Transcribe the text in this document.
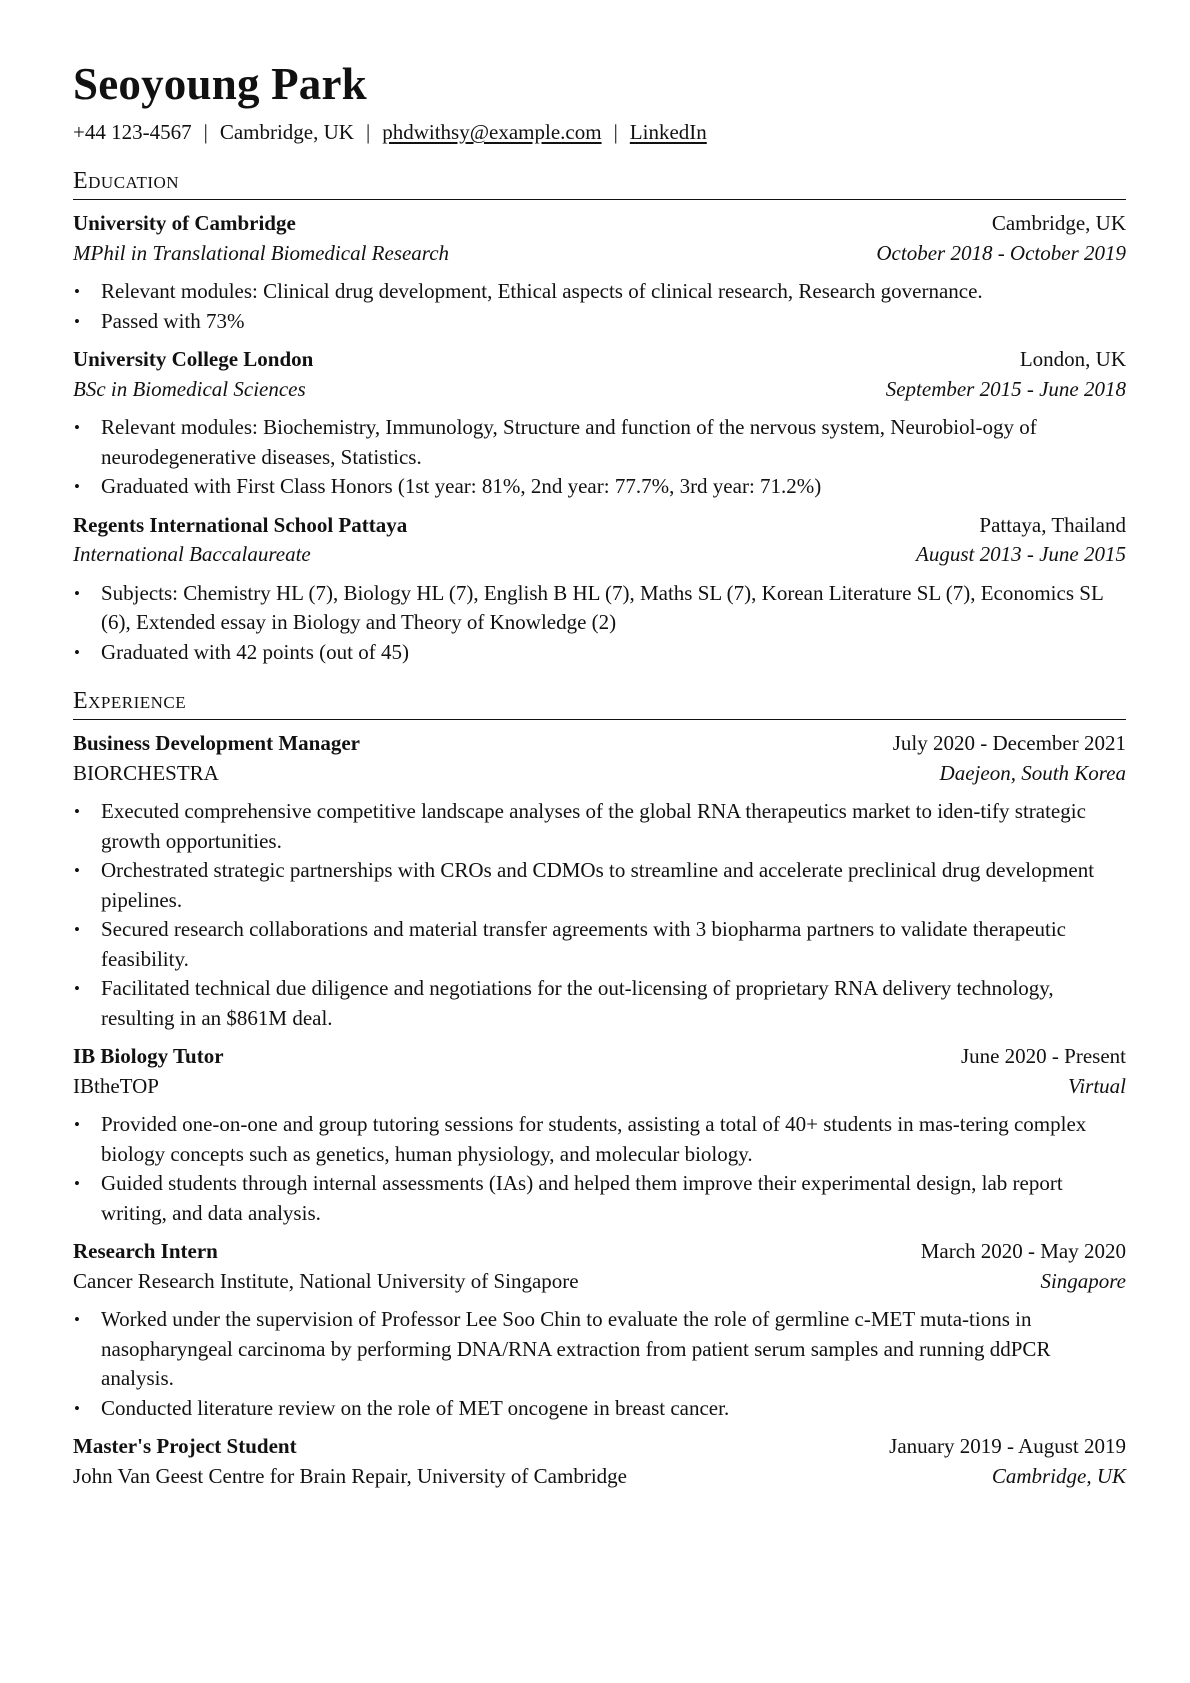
Seoyoung Park
+44 123-4567 | Cambridge, UK | phdwithsy@example.com | LinkedIn
Education
University of Cambridge	Cambridge, UK
MPhil in Translational Biomedical Research	October 2018 - October 2019
• Relevant modules: Clinical drug development, Ethical aspects of clinical research, Research governance.
• Passed with 73%
University College London	London, UK
BSc in Biomedical Sciences	September 2015 - June 2018
• Relevant modules: Biochemistry, Immunology, Structure and function of the nervous system, Neurobiol-ogy of neurodegenerative diseases, Statistics.
• Graduated with First Class Honors (1st year: 81%, 2nd year: 77.7%, 3rd year: 71.2%)
Regents International School Pattaya	Pattaya, Thailand
International Baccalaureate	August 2013 - June 2015
• Subjects: Chemistry HL (7), Biology HL (7), English B HL (7), Maths SL (7), Korean Literature SL (7), Economics SL (6), Extended essay in Biology and Theory of Knowledge (2)
• Graduated with 42 points (out of 45)
Experience
Business Development Manager	July 2020 - December 2021
BIORCHESTRA	Daejeon, South Korea
• Executed comprehensive competitive landscape analyses of the global RNA therapeutics market to iden-tify strategic growth opportunities.
• Orchestrated strategic partnerships with CROs and CDMOs to streamline and accelerate preclinical drug development pipelines.
• Secured research collaborations and material transfer agreements with 3 biopharma partners to validate therapeutic feasibility.
• Facilitated technical due diligence and negotiations for the out-licensing of proprietary RNA delivery technology, resulting in an $861M deal.
IB Biology Tutor	June 2020 - Present
IBtheTOP	Virtual
• Provided one-on-one and group tutoring sessions for students, assisting a total of 40+ students in mas-tering complex biology concepts such as genetics, human physiology, and molecular biology.
• Guided students through internal assessments (IAs) and helped them improve their experimental design, lab report writing, and data analysis.
Research Intern	March 2020 - May 2020
Cancer Research Institute, National University of Singapore	Singapore
• Worked under the supervision of Professor Lee Soo Chin to evaluate the role of germline c-MET muta-tions in nasopharyngeal carcinoma by performing DNA/RNA extraction from patient serum samples and running ddPCR analysis.
• Conducted literature review on the role of MET oncogene in breast cancer.
Master's Project Student	January 2019 - August 2019
John Van Geest Centre for Brain Repair, University of Cambridge	Cambridge, UK
